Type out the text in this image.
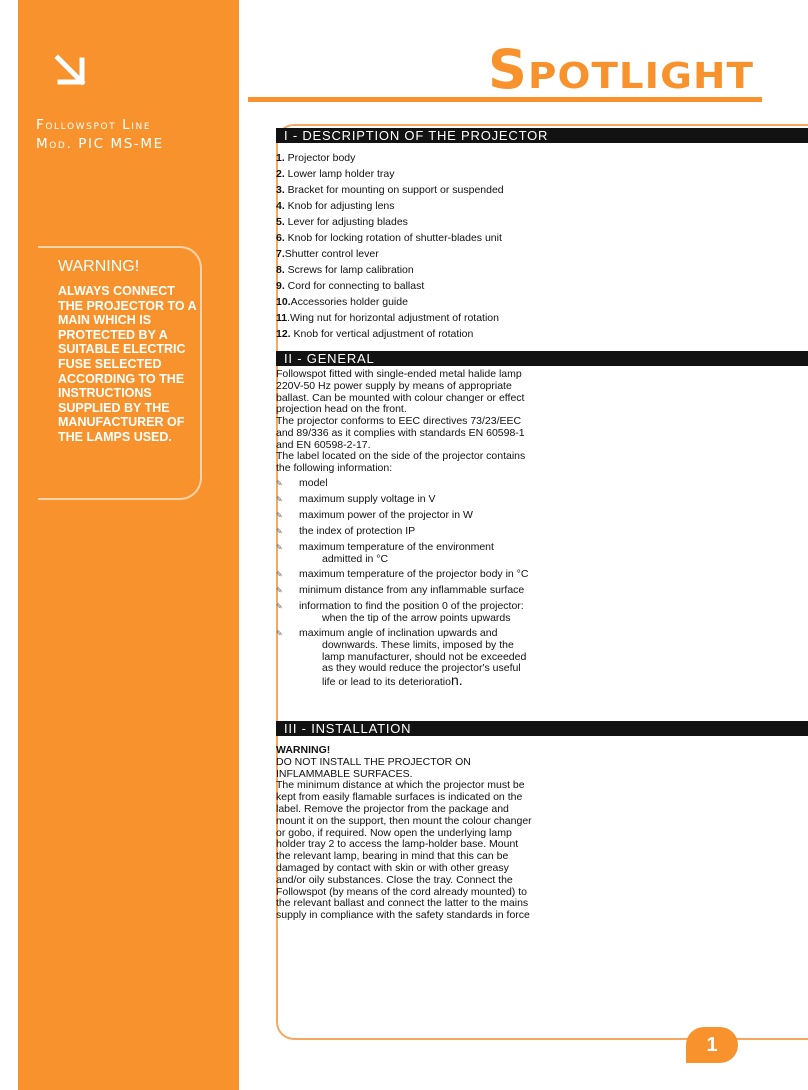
Followspot Line
Mod. PIC MS-ME
WARNING!
ALWAYS CONNECT THE PROJECTOR TO A MAIN WHICH IS PROTECTED BY A SUITABLE ELECTRIC FUSE SELECTED ACCORDING TO THE INSTRUCTIONS SUPPLIED BY THE MANUFACTURER OF THE LAMPS USED.
S POTLIGHT
I - DESCRIPTION OF THE PROJECTOR
1. Projector body
2. Lower lamp holder tray
3. Bracket for mounting on support or suspended
4. Knob for adjusting lens
5. Lever for adjusting blades
6. Knob for locking rotation of shutter-blades unit
7.Shutter control lever
8. Screws for lamp calibration
9. Cord for connecting to ballast
10.Accessories holder guide
11.Wing nut for horizontal adjustment of rotation
12. Knob for vertical adjustment of rotation
II - GENERAL
Followspot fitted with single-ended metal halide lamp 220V-50 Hz power supply by means of appropriate ballast. Can be mounted with colour changer or effect projection head on the front.
The projector conforms to EEC directives 73/23/EEC and 89/336 as it complies with standards EN 60598-1 and EN 60598-2-17.
The label located on the side of the projector contains the following information:
✎ model
✎ maximum supply voltage in V
✎ maximum power of the projector in W
✎ the index of protection IP
✎ maximum temperature of the environment
admitted in °C
✎ maximum temperature of the projector body in °C
✎ minimum distance from any inflammable surface
✎ information to find the position 0 of the projector:
when the tip of the arrow points upwards
✎ maximum angle of inclination upwards and
downwards. These limits, imposed by the
lamp manufacturer, should not be exceeded
as they would reduce the projector's useful
life or lead to its deterioration.
III - INSTALLATION
WARNING!
DO NOT INSTALL THE PROJECTOR ON INFLAMMABLE SURFACES.
The minimum distance at which the projector must be kept from easily flamable surfaces is indicated on the label. Remove the projector from the package and mount it on the support, then mount the colour changer or gobo, if required. Now open the underlying lamp holder tray 2 to access the lamp-holder base. Mount the relevant lamp, bearing in mind that this can be damaged by contact with skin or with other greasy and/or oily substances. Close the tray. Connect the Followspot (by means of the cord already mounted) to the relevant ballast and connect the latter to the mains supply in compliance with the safety standards in force
1
